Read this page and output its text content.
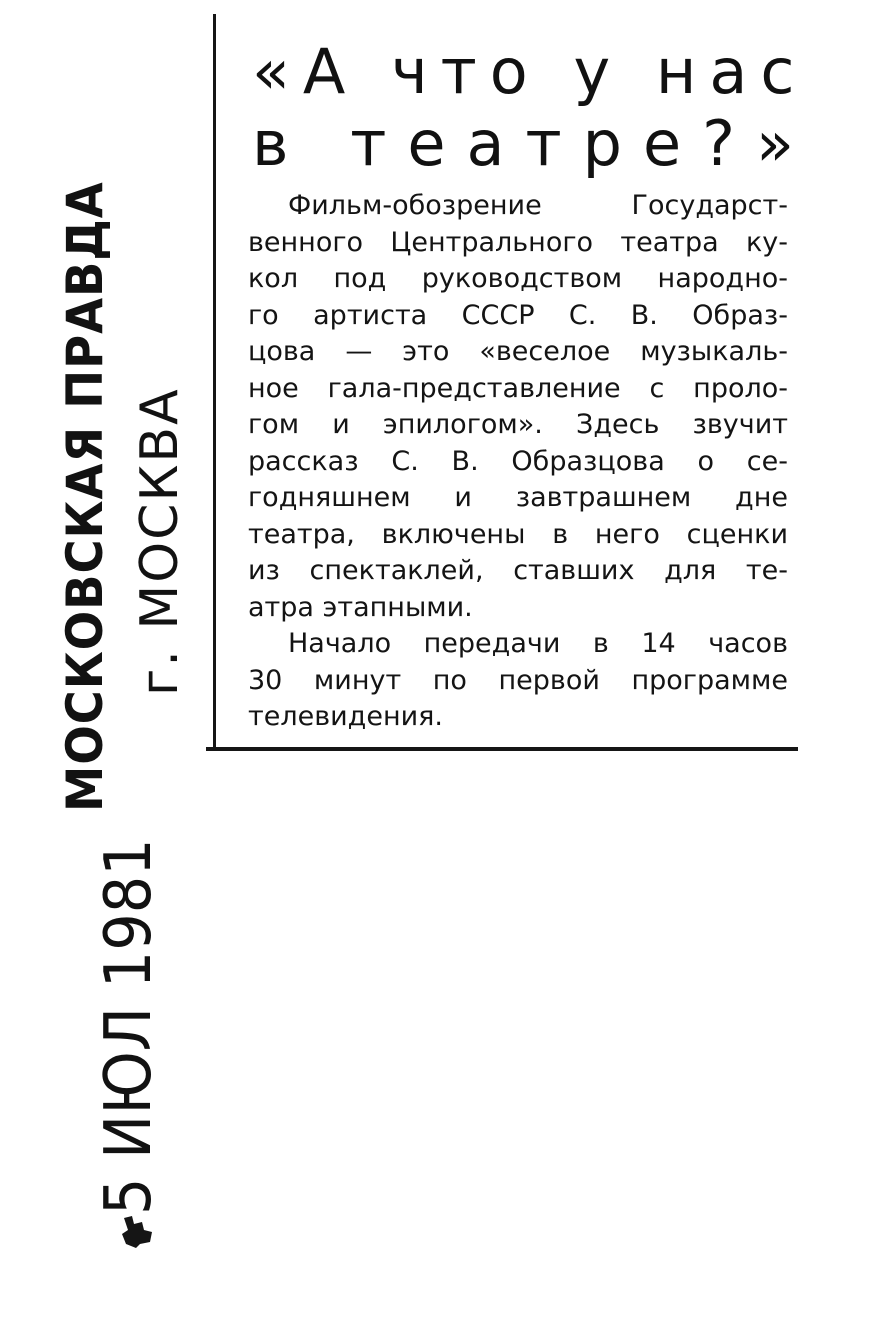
«А что у нас
в театре?»
Фильм-обозрение Государст-
венного Центрального театра ку-
кол под руководством народно-
го артиста СССР С. В. Образ-
цова — это «веселое музыкаль-
ное гала-представление с проло-
гом и эпилогом». Здесь звучит
рассказ С. В. Образцова о се-
годняшнем и завтрашнем дне
театра, включены в него сценки
из спектаклей, ставших для те-
атра этапными.
Начало передачи в 14 часов
30 минут по первой программе
телевидения.
МОСКОВСКАЯ ПРАВДА г. МОСКВА
5 ИЮЛ 1981
